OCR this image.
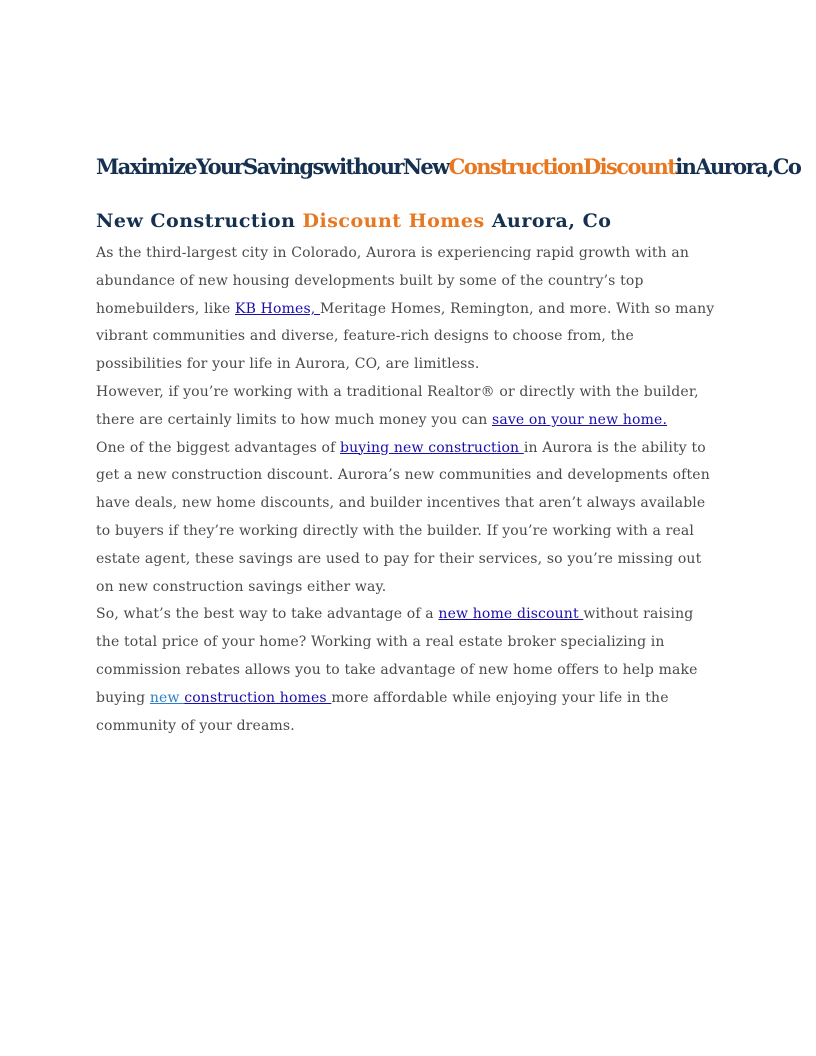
MaximizeYourSavingswithourNewConstructionDiscountinAurora,Co
New Construction Discount Homes Aurora, Co

As the third-largest city in Colorado, Aurora is experiencing rapid growth with an abundance of new housing developments built by some of the country’s top homebuilders, like KB Homes, Meritage Homes, Remington, and more. With so many vibrant communities and diverse, feature-rich designs to choose from, the possibilities for your life in Aurora, CO, are limitless.

However, if you’re working with a traditional Realtor® or directly with the builder, there are certainly limits to how much money you can save on your new home.

One of the biggest advantages of buying new construction in Aurora is the ability to get a new construction discount. Aurora’s new communities and developments often have deals, new home discounts, and builder incentives that aren’t always available to buyers if they’re working directly with the builder. If you’re working with a real estate agent, these savings are used to pay for their services, so you’re missing out on new construction savings either way.

So, what’s the best way to take advantage of a new home discount without raising the total price of your home? Working with a real estate broker specializing in commission rebates allows you to take advantage of new home offers to help make buying new construction homes more affordable while enjoying your life in the community of your dreams.
